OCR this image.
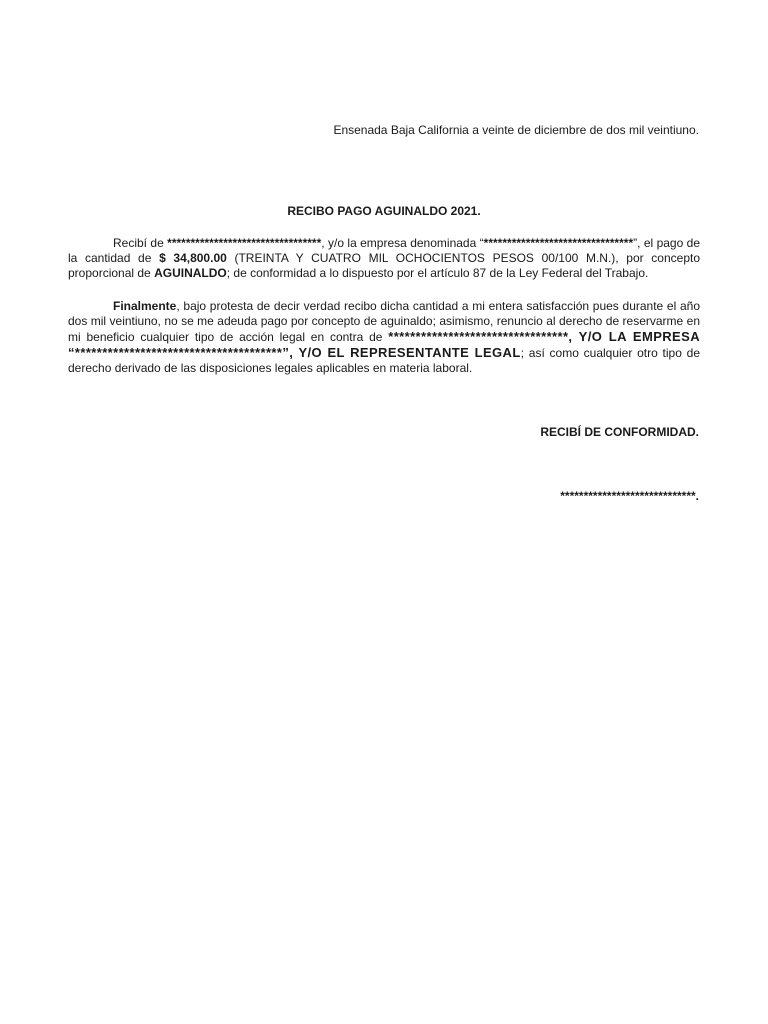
Ensenada Baja California a veinte de diciembre de dos mil veintiuno.
RECIBO PAGO AGUINALDO 2021.

Recibí de *********************************, y/o la empresa denominada “********************************”, el pago de la cantidad de $ 34,800.00 (TREINTA Y CUATRO MIL OCHOCIENTOS PESOS 00/100 M.N.), por concepto proporcional de AGUINALDO; de conformidad a lo dispuesto por el artículo 87 de la Ley Federal del Trabajo.

Finalmente, bajo protesta de decir verdad recibo dicha cantidad a mi entera satisfacción pues durante el año dos mil veintiuno, no se me adeuda pago por concepto de aguinaldo; asimismo, renuncio al derecho de reservarme en mi beneficio cualquier tipo de acción legal en contra de *********************************, Y/O LA EMPRESA “**************************************”, Y/O EL REPRESENTANTE LEGAL; así como cualquier otro tipo de derecho derivado de las disposiciones legales aplicables en materia laboral.

RECIBÍ DE CONFORMIDAD.
*****************************.
